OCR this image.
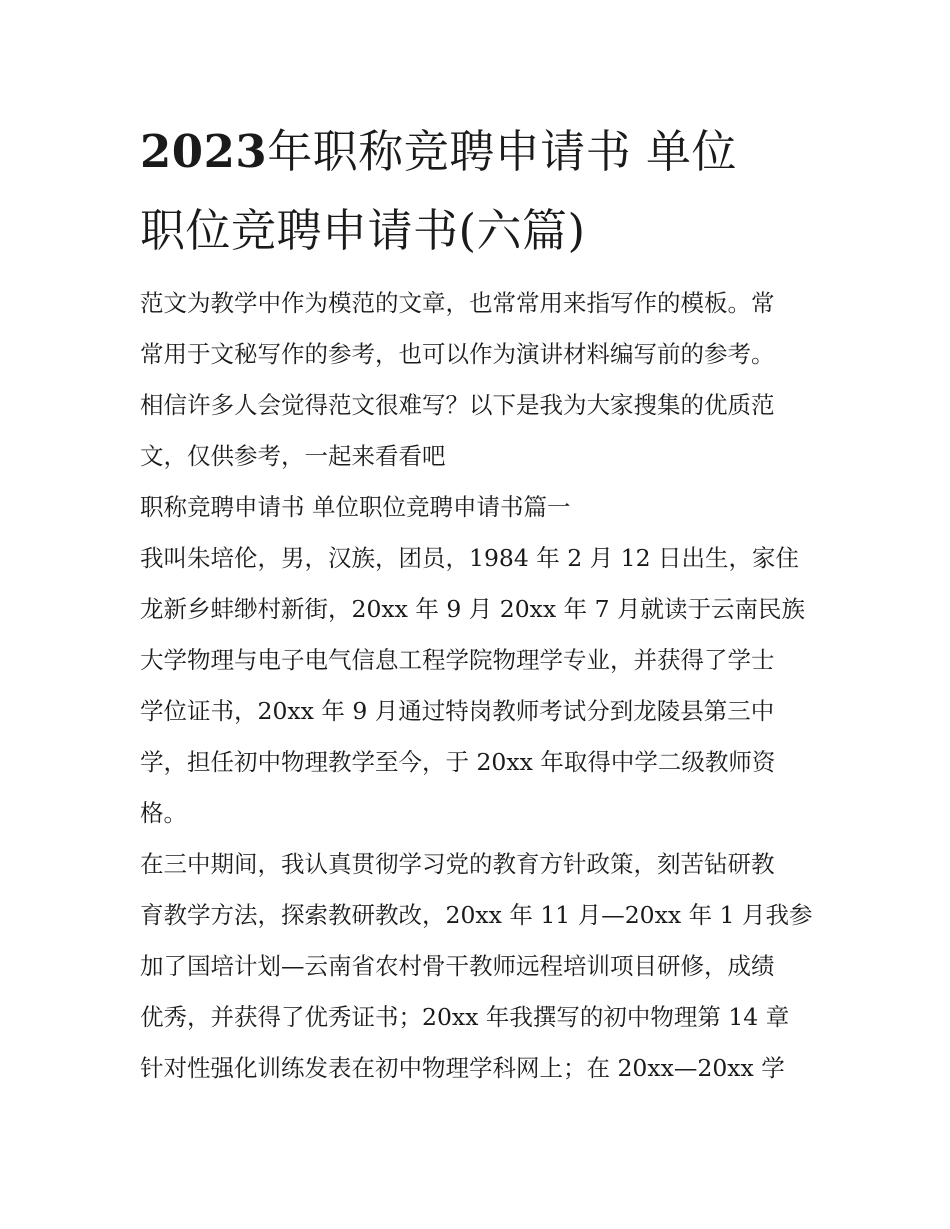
2023年职称竞聘申请书 单位
职位竞聘申请书(六篇)
范文为教学中作为模范的文章，也常常用来指写作的模板。常
常用于文秘写作的参考，也可以作为演讲材料编写前的参考。
相信许多人会觉得范文很难写？以下是我为大家搜集的优质范
文，仅供参考，一起来看看吧
职称竞聘申请书 单位职位竞聘申请书篇一
我叫朱培伦，男，汉族，团员，1984 年 2 月 12 日出生，家住
龙新乡蚌缈村新街，20xx 年 9 月 20xx 年 7 月就读于云南民族
大学物理与电子电气信息工程学院物理学专业，并获得了学士
学位证书，20xx 年 9 月通过特岗教师考试分到龙陵县第三中
学，担任初中物理教学至今，于 20xx 年取得中学二级教师资
格。
在三中期间，我认真贯彻学习党的教育方针政策，刻苦钻研教
育教学方法，探索教研教改，20xx 年 11 月—20xx 年 1 月我参
加了国培计划—云南省农村骨干教师远程培训项目研修，成绩
优秀，并获得了优秀证书；20xx 年我撰写的初中物理第 14 章
针对性强化训练发表在初中物理学科网上；在 20xx—20xx 学
